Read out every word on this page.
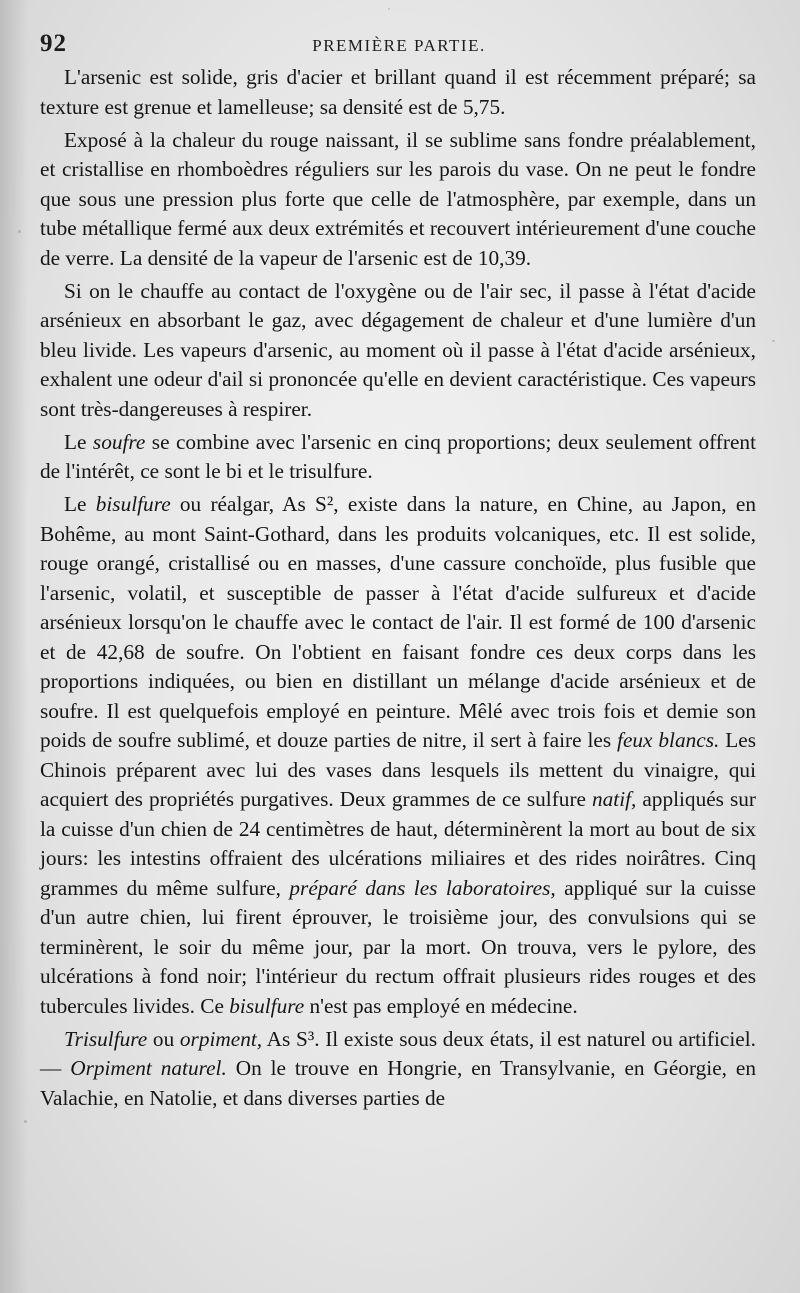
92	PREMIÈRE PARTIE.

L'arsenic est solide, gris d'acier et brillant quand il est récemment préparé; sa texture est grenue et lamelleuse; sa densité est de 5,75.

Exposé à la chaleur du rouge naissant, il se sublime sans fondre préalablement, et cristallise en rhomboèdres réguliers sur les parois du vase. On ne peut le fondre que sous une pression plus forte que celle de l'atmosphère, par exemple, dans un tube métallique fermé aux deux extrémités et recouvert intérieurement d'une couche de verre. La densité de la vapeur de l'arsenic est de 10,39.

Si on le chauffe au contact de l'oxygène ou de l'air sec, il passe à l'état d'acide arsénieux en absorbant le gaz, avec dégagement de chaleur et d'une lumière d'un bleu livide. Les vapeurs d'arsenic, au moment où il passe à l'état d'acide arsénieux, exhalent une odeur d'ail si prononcée qu'elle en devient caractéristique. Ces vapeurs sont très-dangereuses à respirer.

Le soufre se combine avec l'arsenic en cinq proportions; deux seulement offrent de l'intérêt, ce sont le bi et le trisulfure.

Le bisulfure ou réalgar, As S², existe dans la nature, en Chine, au Japon, en Bohême, au mont Saint-Gothard, dans les produits volcaniques, etc. Il est solide, rouge orangé, cristallisé ou en masses, d'une cassure conchoïde, plus fusible que l'arsenic, volatil, et susceptible de passer à l'état d'acide sulfureux et d'acide arsénieux lorsqu'on le chauffe avec le contact de l'air. Il est formé de 100 d'arsenic et de 42,68 de soufre. On l'obtient en faisant fondre ces deux corps dans les proportions indiquées, ou bien en distillant un mélange d'acide arsénieux et de soufre. Il est quelquefois employé en peinture. Mêlé avec trois fois et demie son poids de soufre sublimé, et douze parties de nitre, il sert à faire les feux blancs. Les Chinois préparent avec lui des vases dans lesquels ils mettent du vinaigre, qui acquiert des propriétés purgatives. Deux grammes de ce sulfure natif, appliqués sur la cuisse d'un chien de 24 centimètres de haut, déterminèrent la mort au bout de six jours: les intestins offraient des ulcérations miliaires et des rides noirâtres. Cinq grammes du même sulfure, préparé dans les laboratoires, appliqué sur la cuisse d'un autre chien, lui firent éprouver, le troisième jour, des convulsions qui se terminèrent, le soir du même jour, par la mort. On trouva, vers le pylore, des ulcérations à fond noir; l'intérieur du rectum offrait plusieurs rides rouges et des tubercules livides. Ce bisulfure n'est pas employé en médecine.

Trisulfure ou orpiment, As S³. Il existe sous deux états, il est naturel ou artificiel. — Orpiment naturel. On le trouve en Hongrie, en Transylvanie, en Géorgie, en Valachie, en Natolie, et dans diverses parties de
